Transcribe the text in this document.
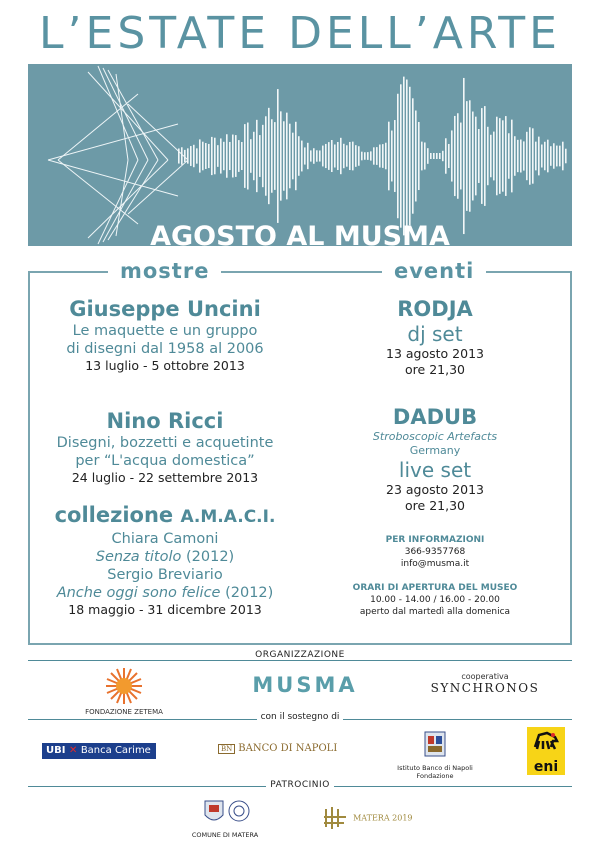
L’ESTATE DELL’ARTE
AGOSTO AL MUSMA
mostre	eventi
Giuseppe Uncini
Le maquette e un gruppo
di disegni dal 1958 al 2006
13 luglio - 5 ottobre 2013
Nino Ricci
Disegni, bozzetti e acquetinte
per “L'acqua domestica”
24 luglio - 22 settembre 2013
collezione A.M.A.C.I.
Chiara Camoni
Senza titolo (2012)
Sergio Breviario
Anche oggi sono felice (2012)
18 maggio - 31 dicembre 2013
RODJA
dj set
13 agosto 2013
ore 21,30
DADUB
Stroboscopic Artefacts
Germany
live set
23 agosto 2013
ore 21,30
PER INFORMAZIONI
366-9357768
info@musma.it
ORARI DI APERTURA DEL MUSEO
10.00 - 14.00 / 16.00 - 20.00
aperto dal martedì alla domenica
ORGANIZZAZIONE
FONDAZIONE ZETEMA
MUSMA	cooperativa
SYNCHRONOS
con il sostegno di
UBI ✕ Banca Carime	BN BANCO DI NAPOLI
Istituto Banco di Napoli
Fondazione
eni
PATROCINIO
COMUNE DI MATERA
MATERA 2019
